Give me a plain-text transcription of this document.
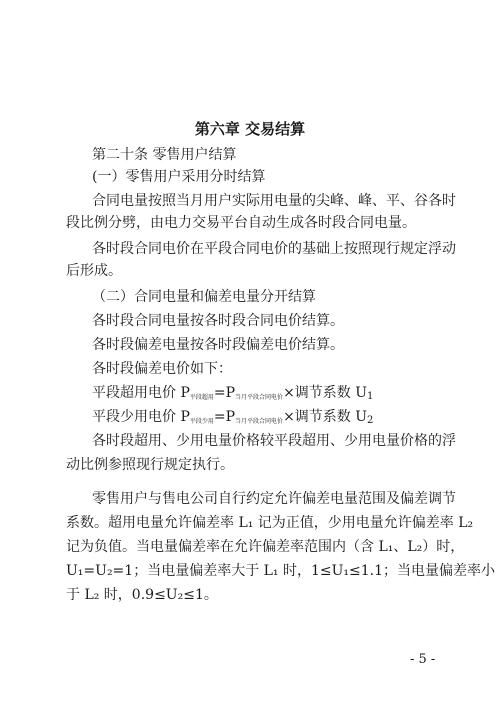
第六章 交易结算
第二十条 零售用户结算
(一）零售用户采用分时结算
合同电量按照当月用户实际用电量的尖峰、峰、平、谷各时
段比例分劈，由电力交易平台自动生成各时段合同电量。
各时段合同电价在平段合同电价的基础上按照现行规定浮动
后形成。
（二）合同电量和偏差电量分开结算
各时段合同电量按各时段合同电价结算。
各时段偏差电量按各时段偏差电价结算。
各时段偏差电价如下：
平段超用电价 $P_{平段超用}=P_{当月平段合同电价}\times$调节系数 $U_1$
平段少用电价 $P_{平段少用}=P_{当月平段合同电价}\times$调节系数 $U_2$
各时段超用、少用电量价格较平段超用、少用电量价格的浮
动比例参照现行规定执行。
零售用户与售电公司自行约定允许偏差电量范围及偏差调节
系数。超用电量允许偏差率 L₁ 记为正值，少用电量允许偏差率 L₂
记为负值。当电量偏差率在允许偏差率范围内（含 L₁、L₂）时，
U₁=U₂=1；当电量偏差率大于 L₁ 时，1≤U₁≤1.1；当电量偏差率小
于 L₂ 时，0.9≤U₂≤1。
- 5 -
